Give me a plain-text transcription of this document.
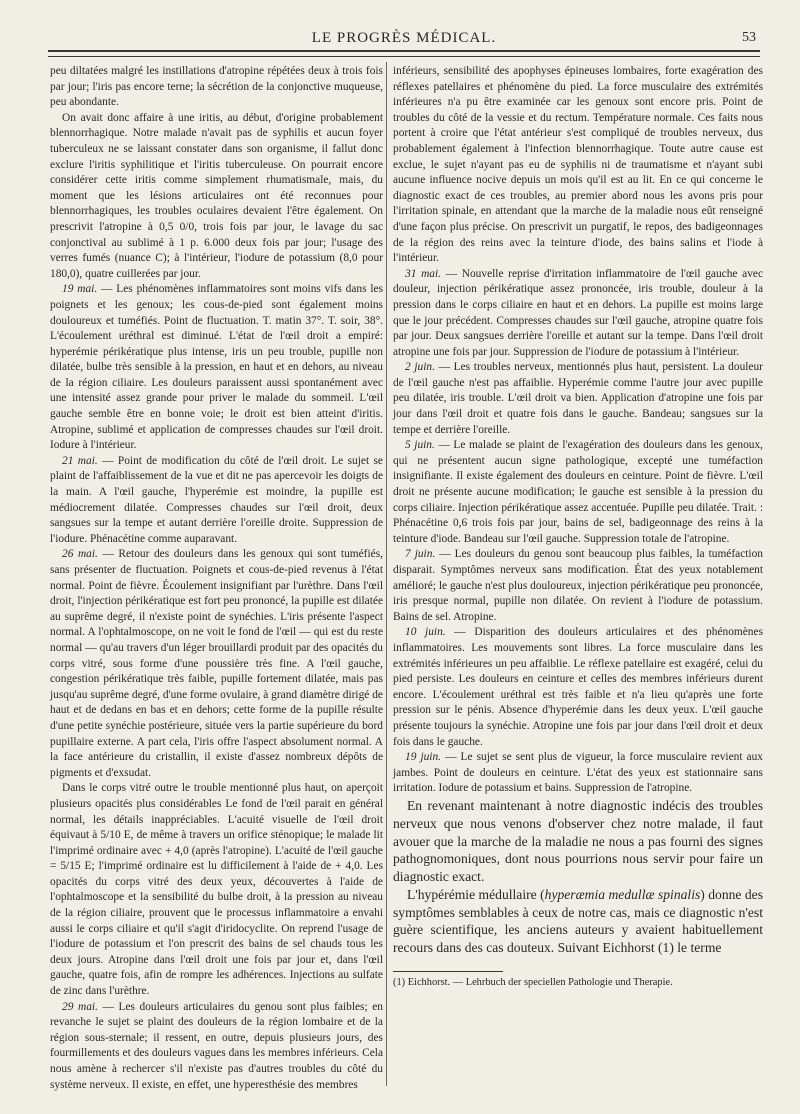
LE PROGRÈS MÉDICAL.	53

peu diltatées malgré les instillations d'atropine répétées deux à trois fois par jour; l'iris pas encore terne; la sécrétion de la conjonctive muqueuse, peu abondante.

On avait donc affaire à une iritis, au début, d'origine probablement blennorrhagique. Notre malade n'avait pas de syphilis et aucun foyer tuberculeux ne se laissant constater dans son organisme, il fallut donc exclure l'iritis syphilitique et l'iritis tuberculeuse. On pourrait encore considérer cette iritis comme simplement rhumatismale, mais, du moment que les lésions articulaires ont été reconnues pour blennorrhagiques, les troubles oculaires devaient l'être également. On prescrivit l'atropine à 0,5 0/0, trois fois par jour, le lavage du sac conjonctival au sublimé à 1 p. 6.000 deux fois par jour; l'usage des verres fumés (nuance C); à l'intérieur, l'iodure de potassium (8,0 pour 180,0), quatre cuillerées par jour.

19 mai. — Les phénomènes inflammatoires sont moins vifs dans les poignets et les genoux; les cous-de-pied sont également moins douloureux et tuméfiés. Point de fluctuation. T. matin 37°. T. soir, 38°. L'écoulement uréthral est diminué. L'état de l'œil droit a empiré: hyperémie périkératique plus intense, iris un peu trouble, pupille non dilatée, bulbe très sensible à la pression, en haut et en dehors, au niveau de la région ciliaire. Les douleurs paraissent aussi spontanément avec une intensité assez grande pour priver le malade du sommeil. L'œil gauche semble être en bonne voie; le droit est bien atteint d'iritis. Atropine, sublimé et application de compresses chaudes sur l'œil droit. Iodure à l'intérieur.

21 mai. — Point de modification du côté de l'œil droit. Le sujet se plaint de l'affaiblissement de la vue et dit ne pas apercevoir les doigts de la main. A l'œil gauche, l'hyperémie est moindre, la pupille est médiocrement dilatée. Compresses chaudes sur l'œil droit, deux sangsues sur la tempe et autant derrière l'oreille droite. Suppression de l'iodure. Phénacétine comme auparavant.

26 mai. — Retour des douleurs dans les genoux qui sont tuméfiés, sans présenter de fluctuation. Poignets et cous-de-pied revenus à l'état normal. Point de fièvre. Écoulement insignifiant par l'urèthre. Dans l'œil droit, l'injection périkératique est fort peu prononcé, la pupille est dilatée au suprême degré, il n'existe point de synéchies. L'iris présente l'aspect normal. A l'ophtalmoscope, on ne voit le fond de l'œil — qui est du reste normal — qu'au travers d'un léger brouillardi produit par des opacités du corps vitré, sous forme d'une poussière très fine. A l'œil gauche, congestion périkératique très faible, pupille fortement dilatée, mais pas jusqu'au suprême degré, d'une forme ovulaire, à grand diamètre dirigé de haut et de dedans en bas et en dehors; cette forme de la pupille résulte d'une petite synéchie postérieure, située vers la partie supérieure du bord pupillaire externe. A part cela, l'iris offre l'aspect absolument normal. A la face antérieure du cristallin, il existe d'assez nombreux dépôts de pigments et d'exsudat.

Dans le corps vitré outre le trouble mentionné plus haut, on aperçoit plusieurs opacités plus considérables Le fond de l'œil parait en général normal, les détails inappréciables. L'acuité visuelle de l'œil droit équivaut à 5/10 E, de même à travers un orifice sténopique; le malade lit l'imprimé ordinaire avec + 4,0 (après l'atropine). L'acuité de l'œil gauche = 5/15 E; l'imprimé ordinaire est lu difficilement à l'aide de + 4,0. Les opacités du corps vitré des deux yeux, découvertes à l'aide de l'ophtalmoscope et la sensibilité du bulbe droit, à la pression au niveau de la région ciliaire, prouvent que le processus inflammatoire a envahi aussi le corps ciliaire et qu'il s'agit d'iridocyclite. On reprend l'usage de l'iodure de potassium et l'on prescrit des bains de sel chauds tous les deux jours. Atropine dans l'œil droit une fois par jour et, dans l'œil gauche, quatre fois, afin de rompre les adhérences. Injections au sulfate de zinc dans l'urèthre.

29 mai. — Les douleurs articulaires du genou sont plus faibles; en revanche le sujet se plaint des douleurs de la région lombaire et de la région sous-sternale; il ressent, en outre, depuis plusieurs jours, des fourmillements et des douleurs vagues dans les membres inférieurs. Cela nous amène à rechercer s'il n'existe pas d'autres troubles du côté du système nerveux. Il existe, en effet, une hyperesthésie des membres

inférieurs, sensibilité des apophyses épineuses lombaires, forte exagération des réflexes patellaires et phénomène du pied. La force musculaire des extrémités inférieures n'a pu être examinée car les genoux sont encore pris. Point de troubles du côté de la vessie et du rectum. Température normale. Ces faits nous portent à croire que l'état antérieur s'est compliqué de troubles nerveux, dus probablement également à l'infection blennorrhagique. Toute autre cause est exclue, le sujet n'ayant pas eu de syphilis ni de traumatisme et n'ayant subi aucune influence nocive depuis un mois qu'il est au lit. En ce qui concerne le diagnostic exact de ces troubles, au premier abord nous les avons pris pour l'irritation spinale, en attendant que la marche de la maladie nous eût renseigné d'une façon plus précise. On prescrivit un purgatif, le repos, des badigeonnages de la région des reins avec la teinture d'iode, des bains salins et l'iode à l'intérieur.

31 mai. — Nouvelle reprise d'irritation inflammatoire de l'œil gauche avec douleur, injection périkératique assez prononcée, iris trouble, douleur à la pression dans le corps ciliaire en haut et en dehors. La pupille est moins large que le jour précédent. Compresses chaudes sur l'œil gauche, atropine quatre fois par jour. Deux sangsues derrière l'oreille et autant sur la tempe. Dans l'œil droit atropine une fois par jour. Suppression de l'iodure de potassium à l'intérieur.

2 juin. — Les troubles nerveux, mentionnés plus haut, persistent. La douleur de l'œil gauche n'est pas affaiblie. Hyperémie comme l'autre jour avec pupille peu dilatée, iris trouble. L'œil droit va bien. Application d'atropine une fois par jour dans l'œil droit et quatre fois dans le gauche. Bandeau; sangsues sur la tempe et derrière l'oreille.

5 juin. — Le malade se plaint de l'exagération des douleurs dans les genoux, qui ne présentent aucun signe pathologique, excepté une tuméfaction insignifiante. Il existe également des douleurs en ceinture. Point de fièvre. L'œil droit ne présente aucune modification; le gauche est sensible à la pression du corps ciliaire. Injection périkératique assez accentuée. Pupille peu dilatée. Trait. : Phénacétine 0,6 trois fois par jour, bains de sel, badigeonnage des reins à la teinture d'iode. Bandeau sur l'œil gauche. Suppression totale de l'atropine.

7 juin. — Les douleurs du genou sont beaucoup plus faibles, la tuméfaction disparait. Symptômes nerveux sans modification. État des yeux notablement amélioré; le gauche n'est plus douloureux, injection périkératique peu prononcée, iris presque normal, pupille non dilatée. On revient à l'iodure de potassium. Bains de sel. Atropine.

10 juin. — Disparition des douleurs articulaires et des phénomènes inflammatoires. Les mouvements sont libres. La force musculaire dans les extrémités inférieures un peu affaiblie. Le réflexe patellaire est exagéré, celui du pied persiste. Les douleurs en ceinture et celles des membres inférieurs durent encore. L'écoulement uréthral est très faible et n'a lieu qu'après une forte pression sur le pénis. Absence d'hyperémie dans les deux yeux. L'œil gauche présente toujours la synéchie. Atropine une fois par jour dans l'œil droit et deux fois dans le gauche.

19 juin. — Le sujet se sent plus de vigueur, la force musculaire revient aux jambes. Point de douleurs en ceinture. L'état des yeux est stationnaire sans irritation. Iodure de potassium et bains. Suppression de l'atropine.

En revenant maintenant à notre diagnostic indécis des troubles nerveux que nous venons d'observer chez notre malade, il faut avouer que la marche de la maladie ne nous a pas fourni des signes pathognomoniques, dont nous pourrions nous servir pour faire un diagnostic exact.

L'hypérémie médullaire (hyperæmia medullæ spinalis) donne des symptômes semblables à ceux de notre cas, mais ce diagnostic n'est guère scientifique, les anciens auteurs y avaient habituellement recours dans des cas douteux. Suivant Eichhorst (1) le terme

(1) Eichhorst. — Lehrbuch der speciellen Pathologie und Therapie.
